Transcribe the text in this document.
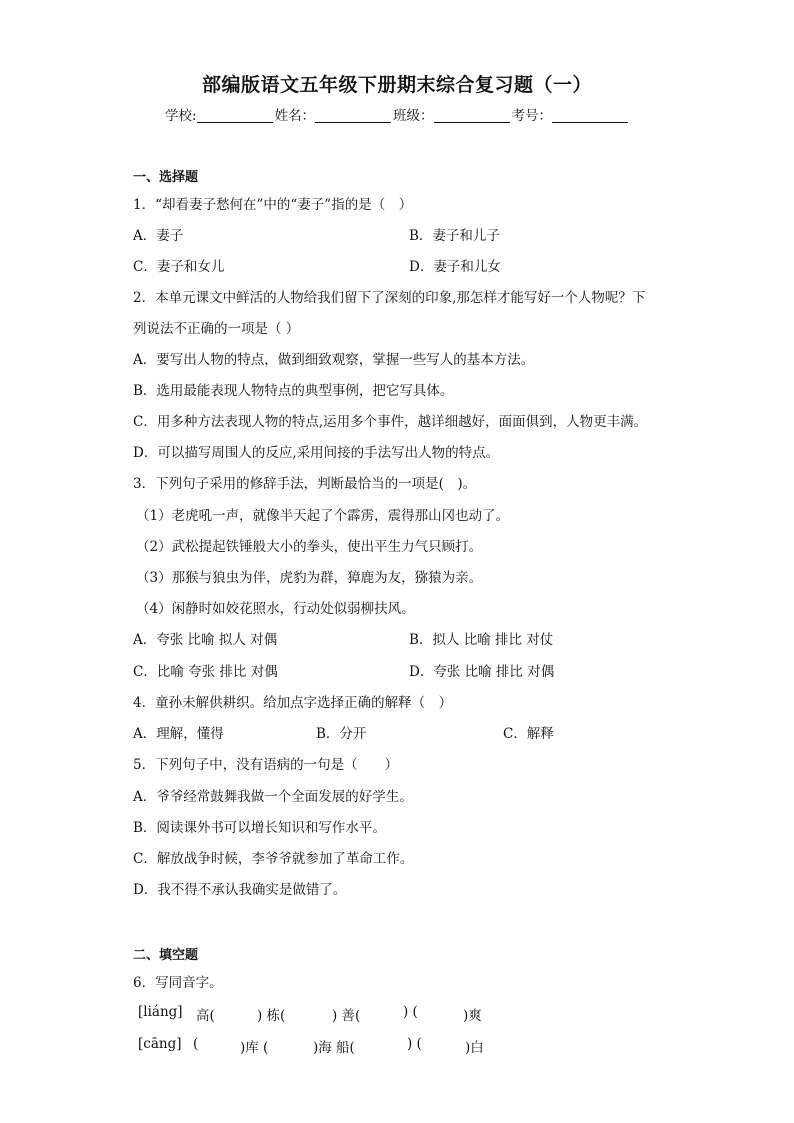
部编版语文五年级下册期末综合复习题（一）
学校:	姓名：	班级：	考号：
一、选择题
1．“却看妻子愁何在”中的“妻子”指的是（　）
A．妻子	B．妻子和儿子
C．妻子和女儿	D．妻子和儿女
2．本单元课文中鲜活的人物给我们留下了深刻的印象,那怎样才能写好一个人物呢？下
列说法不正确的一项是（ ）
A．要写出人物的特点，做到细致观察，掌握一些写人的基本方法。
B．选用最能表现人物特点的典型事例，把它写具体。
C．用多种方法表现人物的特点,运用多个事件，越详细越好，面面俱到，人物更丰满。
D．可以描写周围人的反应,采用间接的手法写出人物的特点。
3．下列句子采用的修辞手法，判断最恰当的一项是(　)。
（1）老虎吼一声，就像半天起了个霹雳，震得那山冈也动了。
（2）武松提起铁锤般大小的拳头，使出平生力气只顾打。
（3）那猴与狼虫为伴，虎豹为群，獐鹿为友，猕猿为亲。
（4）闲静时如姣花照水，行动处似弱柳扶风。
A．夸张 比喻 拟人 对偶	B．拟人 比喻 排比 对仗
C．比喻 夸张 排比 对偶	D．夸张 比喻 排比 对偶
4．童孙未解供耕织。给加点字选择正确的解释（　）
A．理解，懂得	B．分开	C．解释
5．下列句子中，没有语病的一句是（　　）
A．爷爷经常鼓舞我做一个全面发展的好学生。
B．阅读课外书可以增长知识和写作水平。
C．解放战争时候，李爷爷就参加了革命工作。
D．我不得不承认我确实是做错了。
二、填空题
6．写同音字。
[liáng] 高(	) 栋(	) 善(	) (	)爽
[cāng] (	)库 (	)海 船(	) (	)白
